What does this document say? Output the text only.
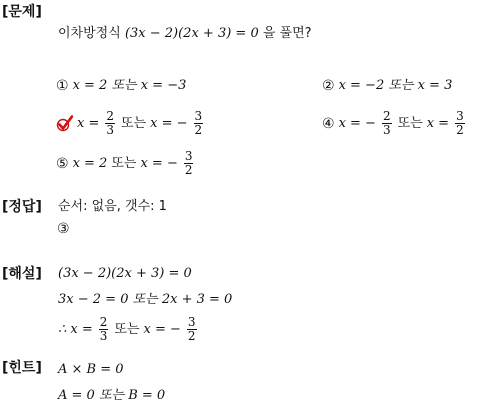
[문제]
이차방정식 (3x − 2)(2x + 3) = 0 을 풀면?
① x = 2 또는 x = −3	② x = −2 또는 x = 3
$x = \frac{2}{3}$ 또는 x = − $\frac{3}{2}$	④ x = − $\frac{2}{3}$ 또는 $x = \frac{3}{2}$
⑤ x = 2 또는 x = − $\frac{3}{2}$
[정답] 순서: 없음, 갯수: 1
③
[해설] (3x − 2)(2x + 3) = 0
3x − 2 = 0 또는 2x + 3 = 0
∴ $x = \frac{2}{3}$ 또는 x = − $\frac{3}{2}$
[힌트] A × B = 0
A = 0 또는 B = 0
